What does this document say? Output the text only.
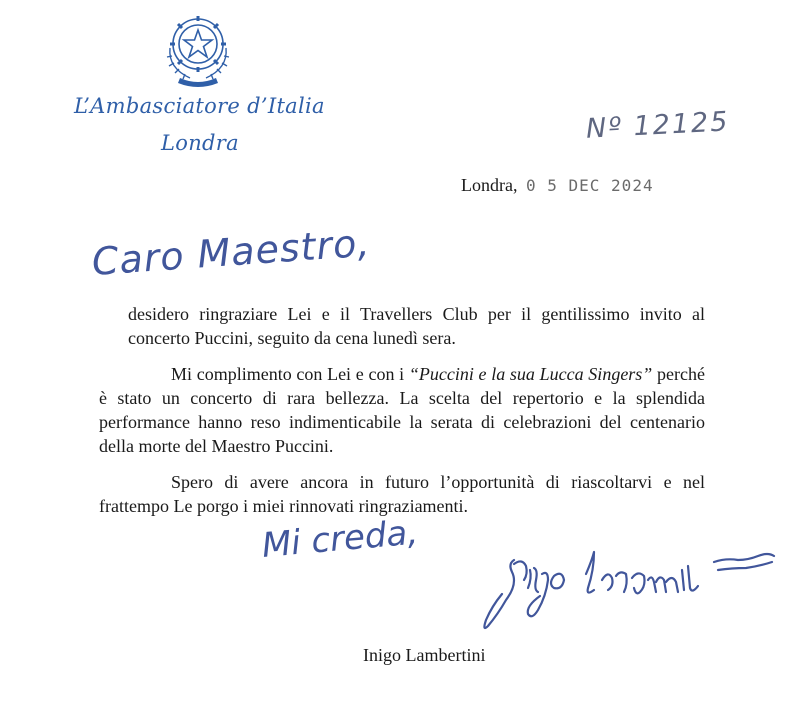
L’Ambasciatore d’Italia
Londra	Nº 12125
Londra, 0 5 DEC 2024
Caro Maestro,

desidero ringraziare Lei e il Travellers Club per il gentilissimo invito al concerto Puccini, seguito da cena lunedì sera.

Mi complimento con Lei e con i “Puccini e la sua Lucca Singers” perché è stato un concerto di rara bellezza. La scelta del repertorio e la splendida performance hanno reso indimenticabile la serata di celebrazioni del centenario della morte del Maestro Puccini.

Spero di avere ancora in futuro l’opportunità di riascoltarvi e nel frattempo Le porgo i miei rinnovati ringraziamenti.

Mi creda,
Inigo Lambertini
